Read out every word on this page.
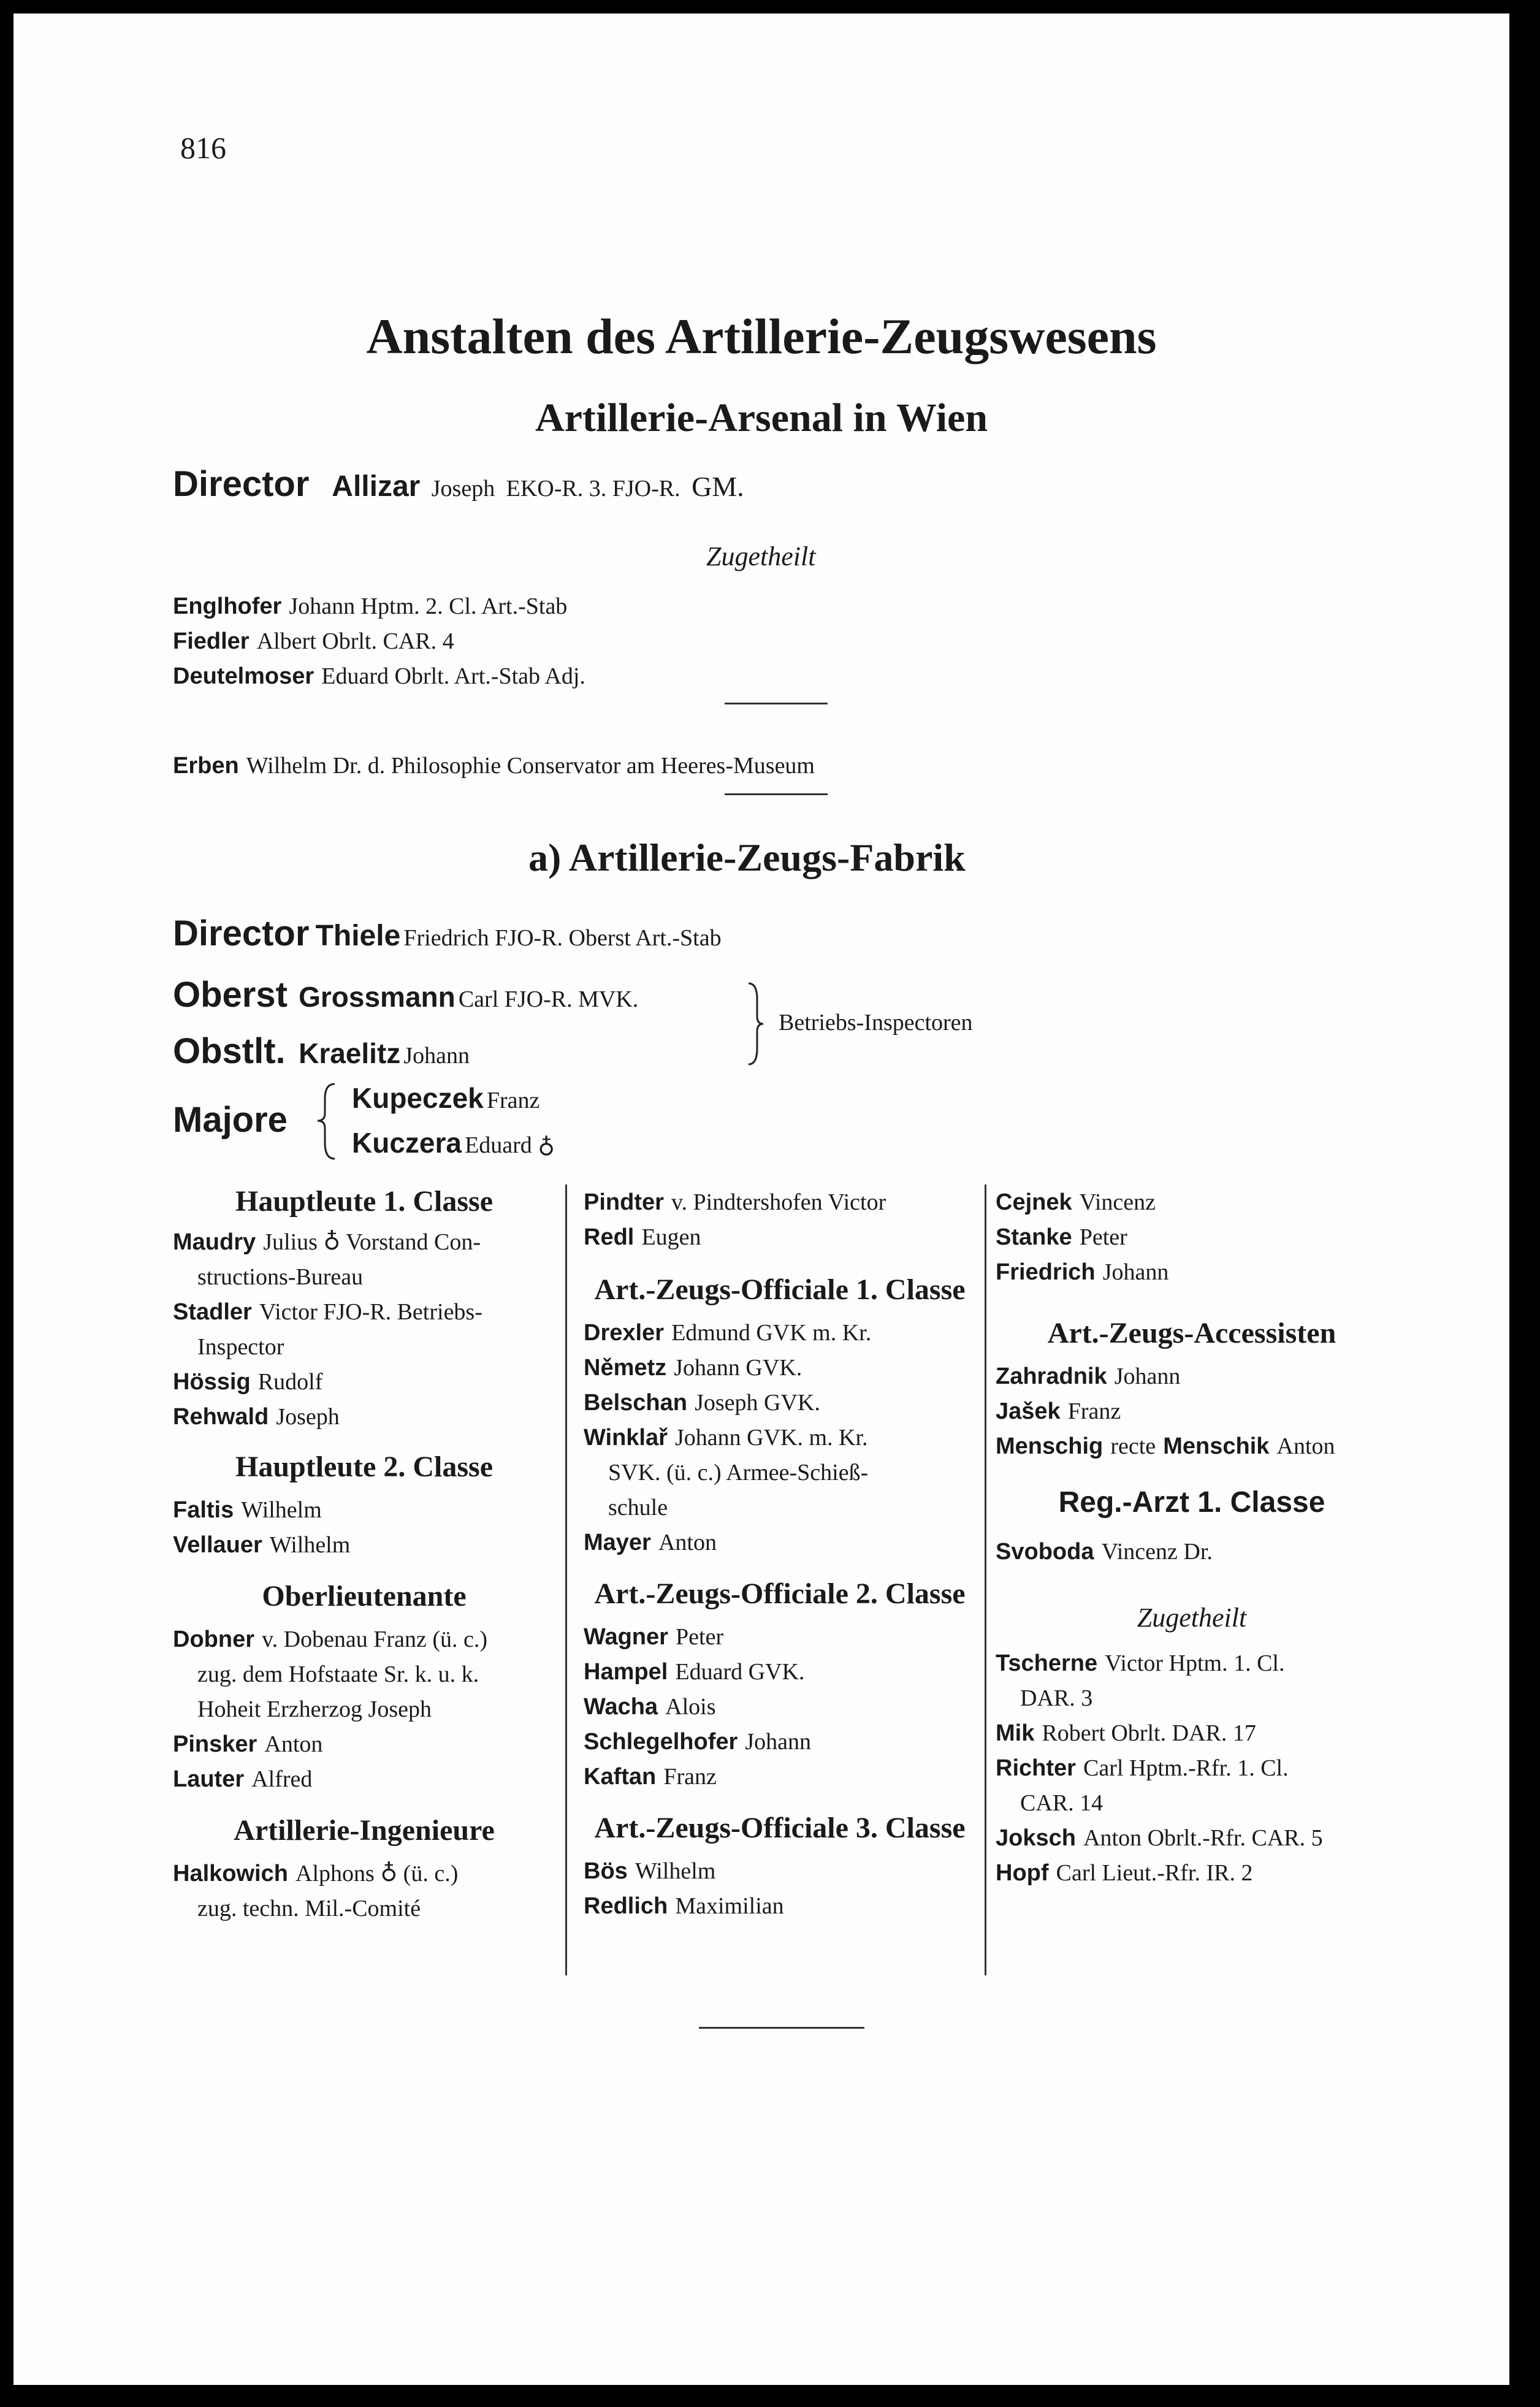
816
Anstalten des Artillerie-Zeugswesens
Artillerie-Arsenal in Wien
Director Allizar Joseph EKO-R. 3. FJO-R. GM.
Zugetheilt
Englhofer Johann Hptm. 2. Cl. Art.-Stab
Fiedler Albert Obrlt. CAR. 4
Deutelmoser Eduard Obrlt. Art.-Stab Adj.
Erben Wilhelm Dr. d. Philosophie Conservator am Heeres-Museum
a) Artillerie-Zeugs-Fabrik
Director Thiele Friedrich FJO-R. Oberst Art.-Stab
Oberst Grossmann Carl FJO-R. MVK.
Obstlt. Kraelitz Johann
Betriebs-Inspectoren
Majore
Kupeczek Franz
Kuczera Eduard ♁
Hauptleute 1. Classe
Maudry Julius ♁ Vorstand Con-
structions-Bureau
Stadler Victor FJO-R. Betriebs-
Inspector
Hössig Rudolf
Rehwald Joseph
Hauptleute 2. Classe
Faltis Wilhelm
Vellauer Wilhelm
Oberlieutenante
Dobner v. Dobenau Franz (ü. c.)
zug. dem Hofstaate Sr. k. u. k.
Hoheit Erzherzog Joseph
Pinsker Anton
Lauter Alfred
Artillerie-Ingenieure
Halkowich Alphons ♁ (ü. c.)
zug. techn. Mil.-Comité
Pindter v. Pindtershofen Victor
Redl Eugen
Art.-Zeugs-Officiale 1. Classe
Drexler Edmund GVK m. Kr.
Němetz Johann GVK.
Belschan Joseph GVK.
Winklař Johann GVK. m. Kr.
SVK. (ü. c.) Armee-Schieß-
schule
Mayer Anton
Art.-Zeugs-Officiale 2. Classe
Wagner Peter
Hampel Eduard GVK.
Wacha Alois
Schlegelhofer Johann
Kaftan Franz
Art.-Zeugs-Officiale 3. Classe
Bös Wilhelm
Redlich Maximilian
Cejnek Vincenz
Stanke Peter
Friedrich Johann
Art.-Zeugs-Accessisten
Zahradnik Johann
Jašek Franz
Menschig recte Menschik Anton
Reg.-Arzt 1. Classe
Svoboda Vincenz Dr.
Zugetheilt
Tscherne Victor Hptm. 1. Cl.
DAR. 3
Mik Robert Obrlt. DAR. 17
Richter Carl Hptm.-Rfr. 1. Cl.
CAR. 14
Joksch Anton Obrlt.-Rfr. CAR. 5
Hopf Carl Lieut.-Rfr. IR. 2
